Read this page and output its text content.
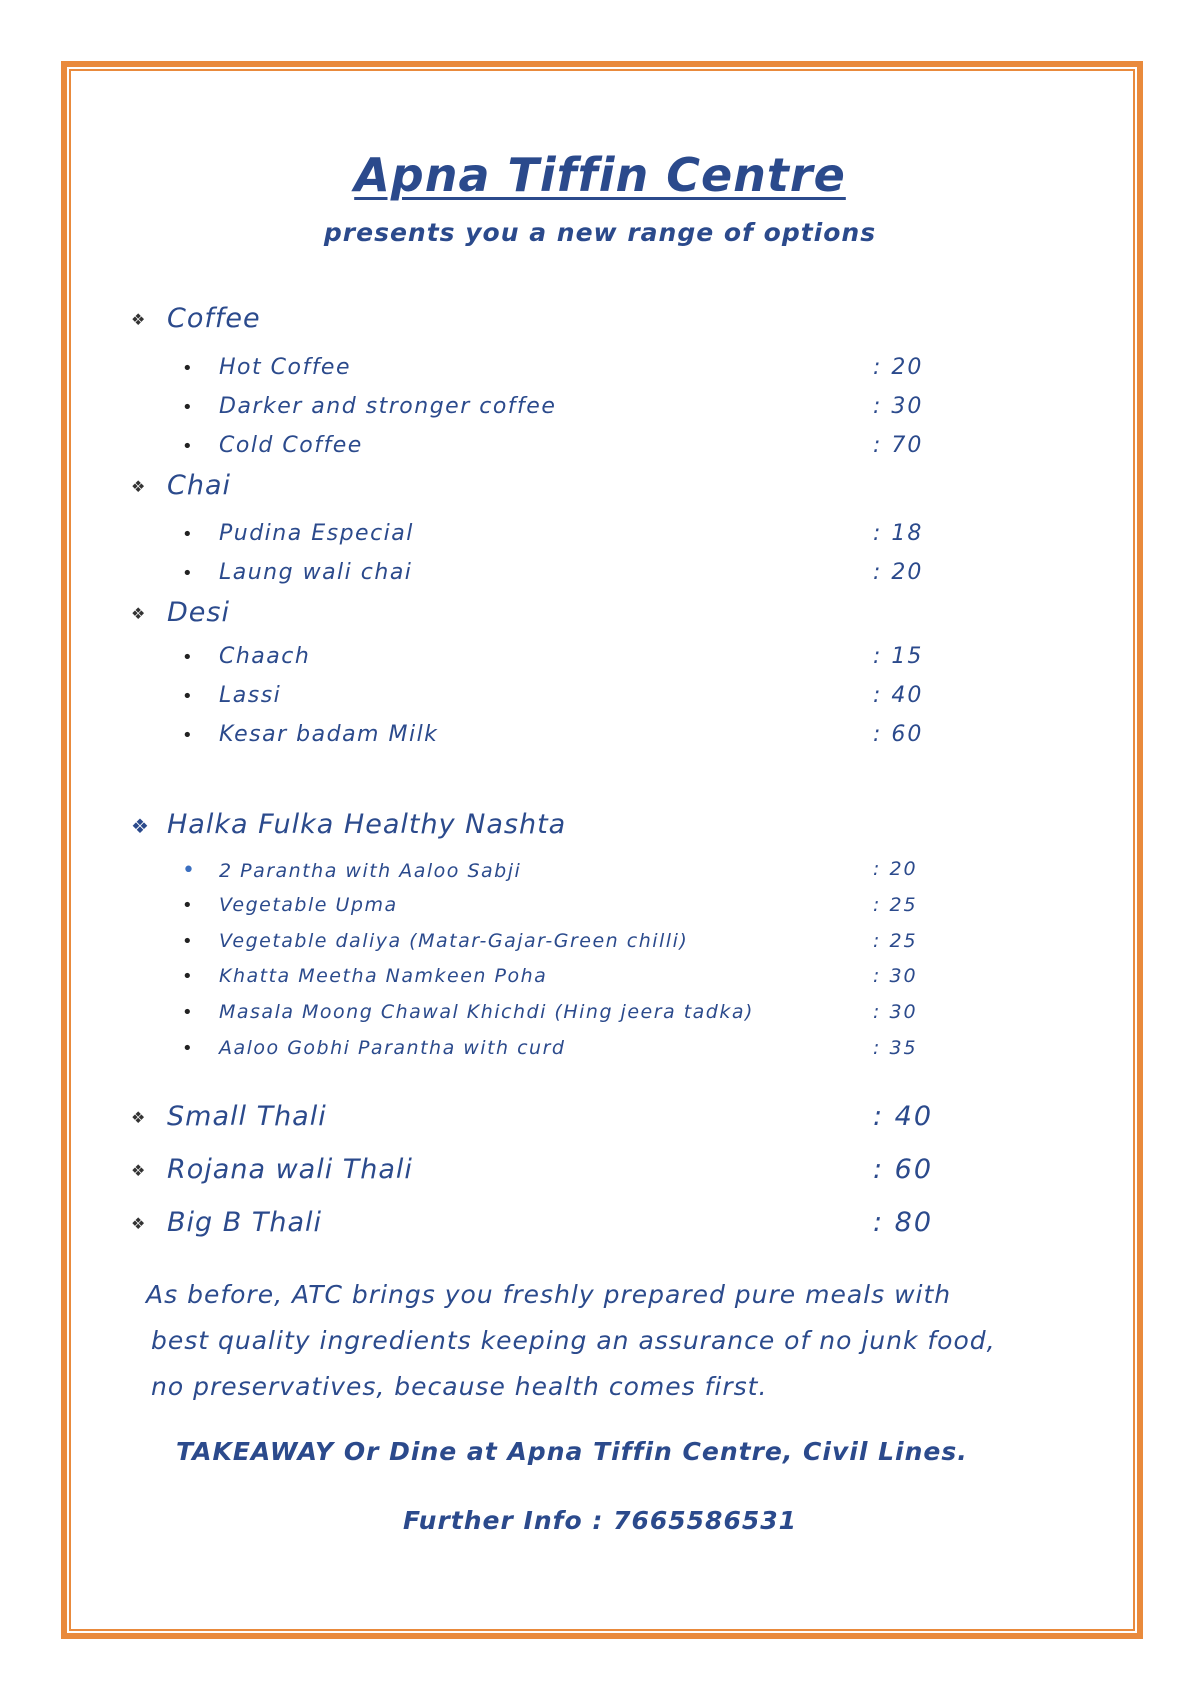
Apna Tiffin Centre
presents you a new range of options
❖ Coffee
• Hot Coffee	: 20
• Darker and stronger coffee	: 30
• Cold Coffee	: 70
❖ Chai
• Pudina Especial	: 18
• Laung wali chai	: 20
❖ Desi
• Chaach	: 15
• Lassi	: 40
• Kesar badam Milk	: 60
❖ Halka Fulka Healthy Nashta
• 2 Parantha with Aaloo Sabji	: 20
• Vegetable Upma	: 25
• Vegetable daliya (Matar-Gajar-Green chilli)	: 25
• Khatta Meetha Namkeen Poha	: 30
• Masala Moong Chawal Khichdi (Hing jeera tadka)	: 30
• Aaloo Gobhi Parantha with curd	: 35
❖ Small Thali	: 40
❖ Rojana wali Thali	: 60
❖ Big B Thali	: 80
As before, ATC brings you freshly prepared pure meals with
best quality ingredients keeping an assurance of no junk food,
no preservatives, because health comes first.
TAKEAWAY Or Dine at Apna Tiffin Centre, Civil Lines.
Further Info : 7665586531
